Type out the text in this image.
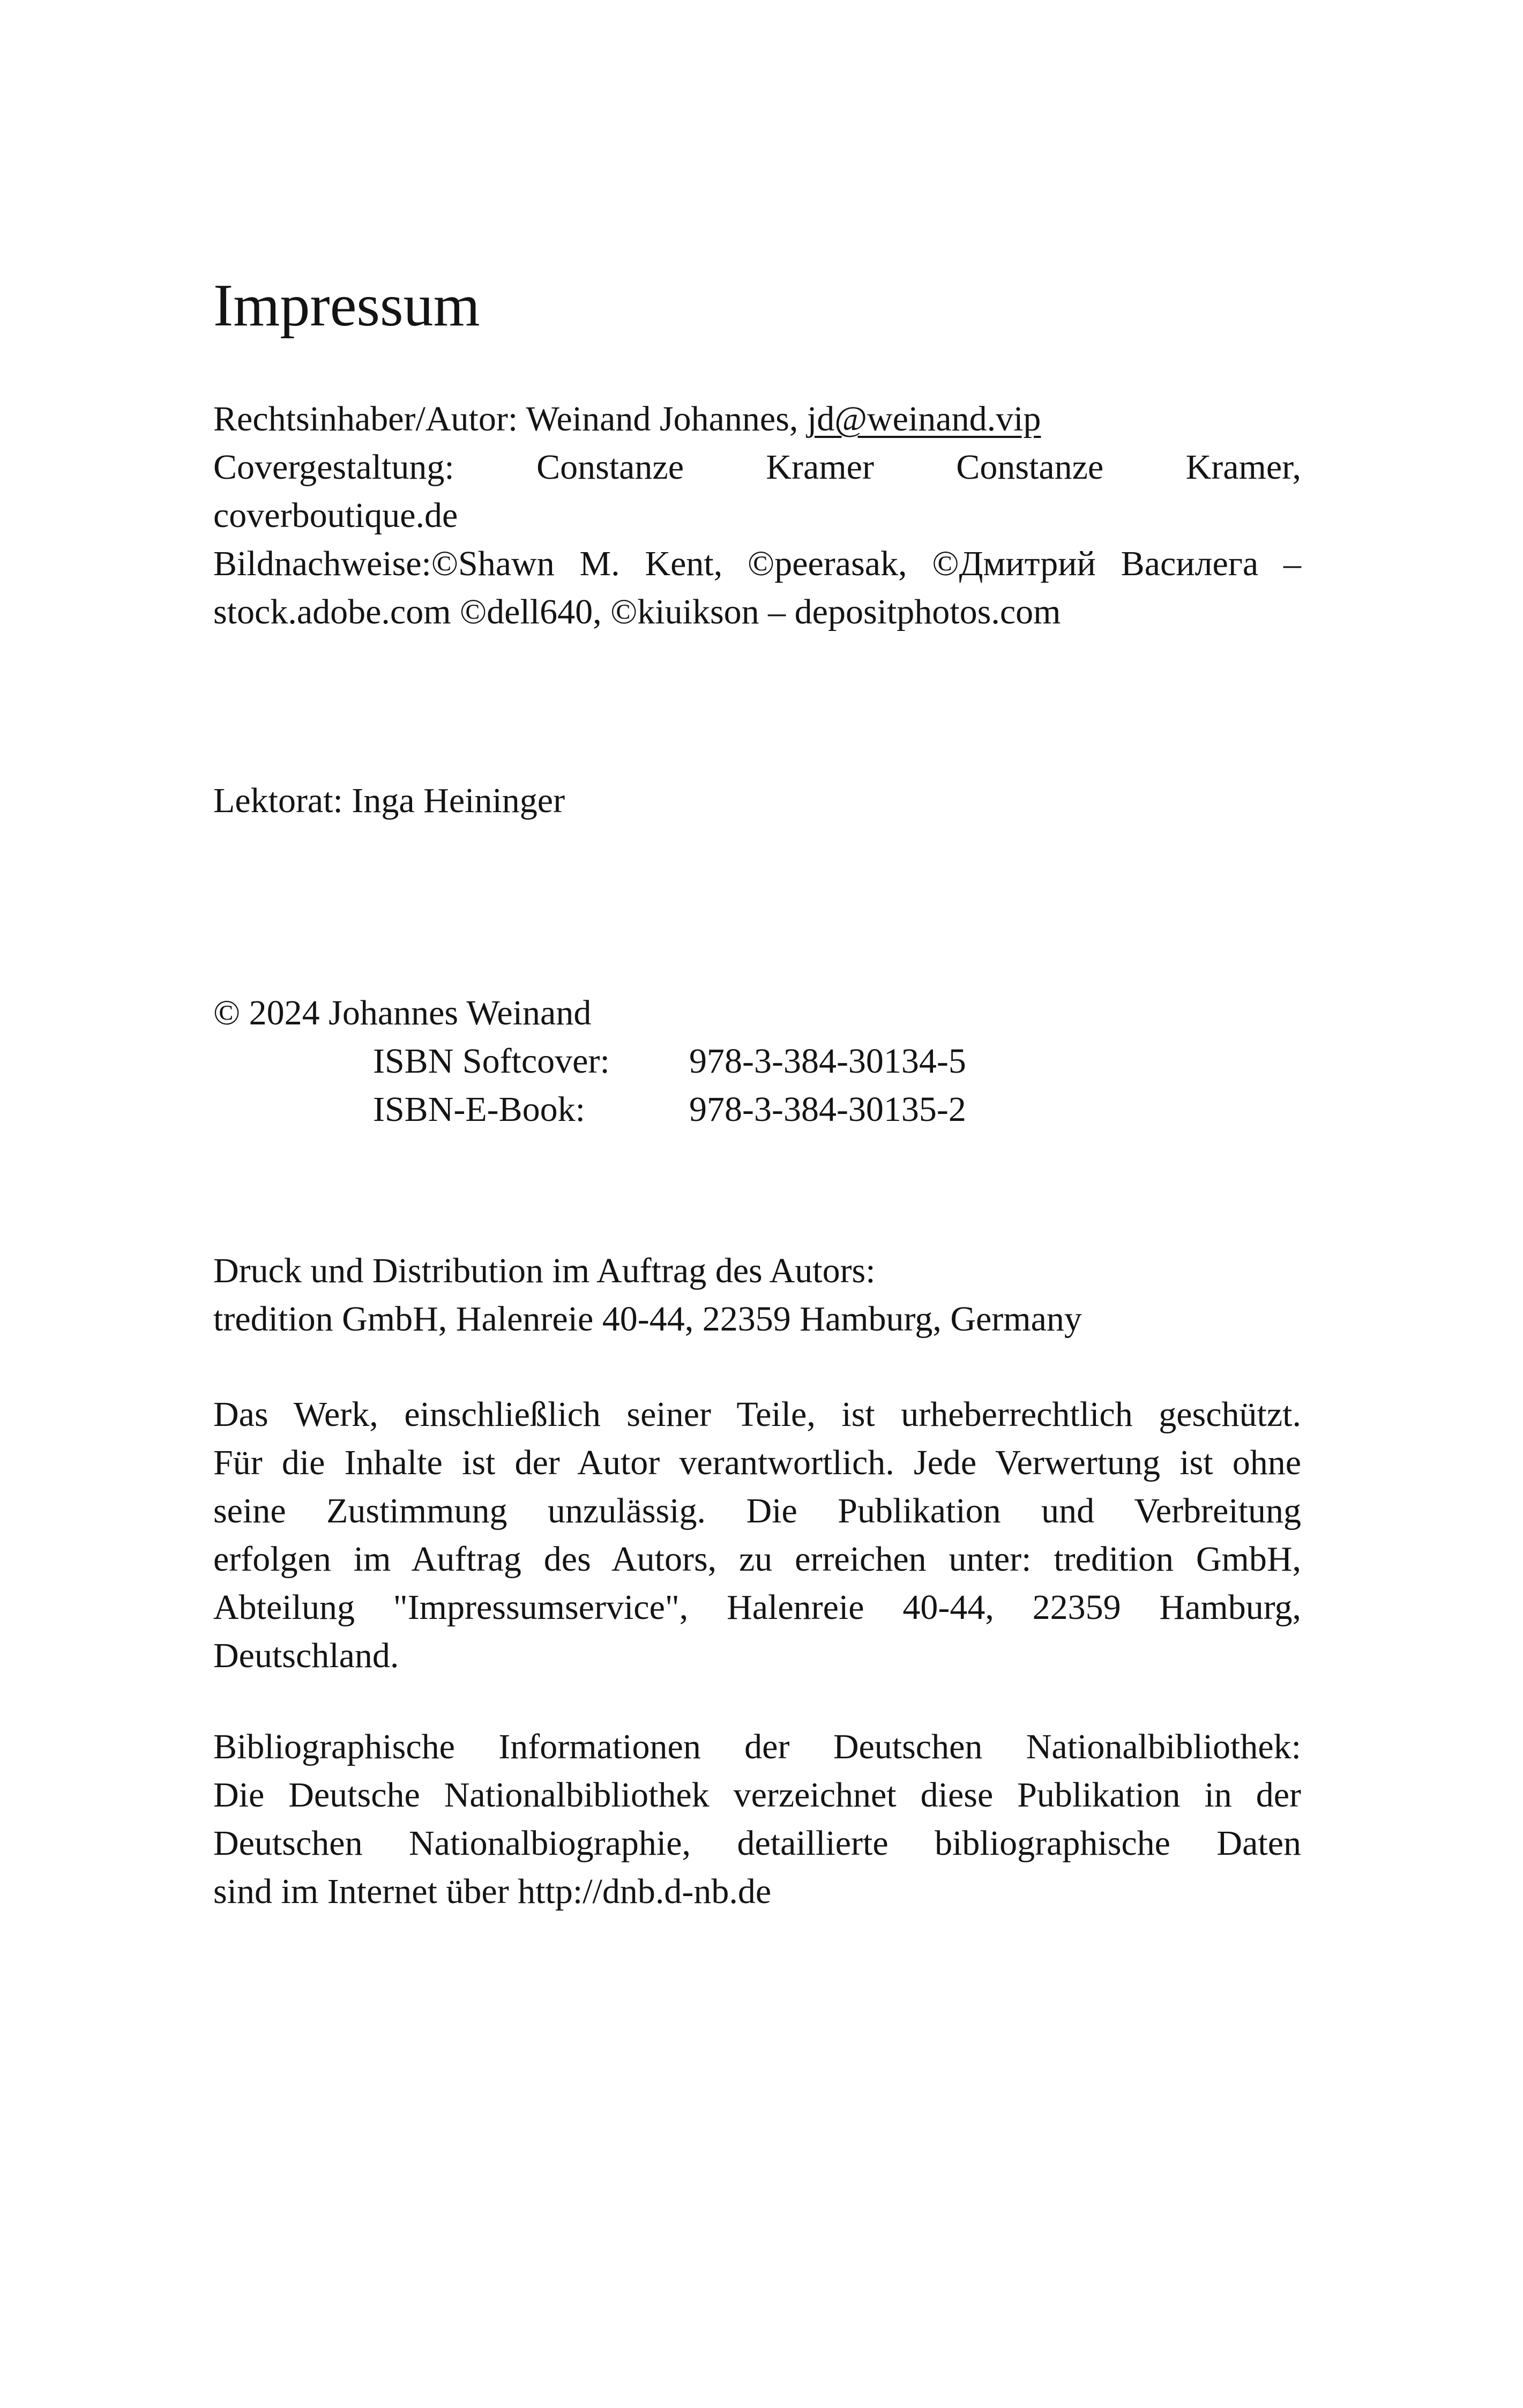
Impressum
Rechtsinhaber/Autor: Weinand Johannes, jd@weinand.vip
Covergestaltung: Constanze Kramer Constanze Kramer,
coverboutique.de
Bildnachweise:©Shawn M. Kent, ©peerasak, ©Дмитрий Василега –
stock.adobe.com ©dell640, ©kiuikson – depositphotos.com
Lektorat: Inga Heininger
© 2024 Johannes Weinand
ISBN Softcover: 978-3-384-30134-5
ISBN-E-Book:	978-3-384-30135-2
Druck und Distribution im Auftrag des Autors:
tredition GmbH, Halenreie 40-44, 22359 Hamburg, Germany
Das Werk, einschließlich seiner Teile, ist urheberrechtlich geschützt.
Für die Inhalte ist der Autor verantwortlich. Jede Verwertung ist ohne
seine Zustimmung unzulässig. Die Publikation und Verbreitung
erfolgen im Auftrag des Autors, zu erreichen unter: tredition GmbH,
Abteilung "Impressumservice", Halenreie 40-44, 22359 Hamburg,
Deutschland.
Bibliographische Informationen der Deutschen Nationalbibliothek:
Die Deutsche Nationalbibliothek verzeichnet diese Publikation in der
Deutschen Nationalbiographie, detaillierte bibliographische Daten
sind im Internet über http://dnb.d-nb.de
